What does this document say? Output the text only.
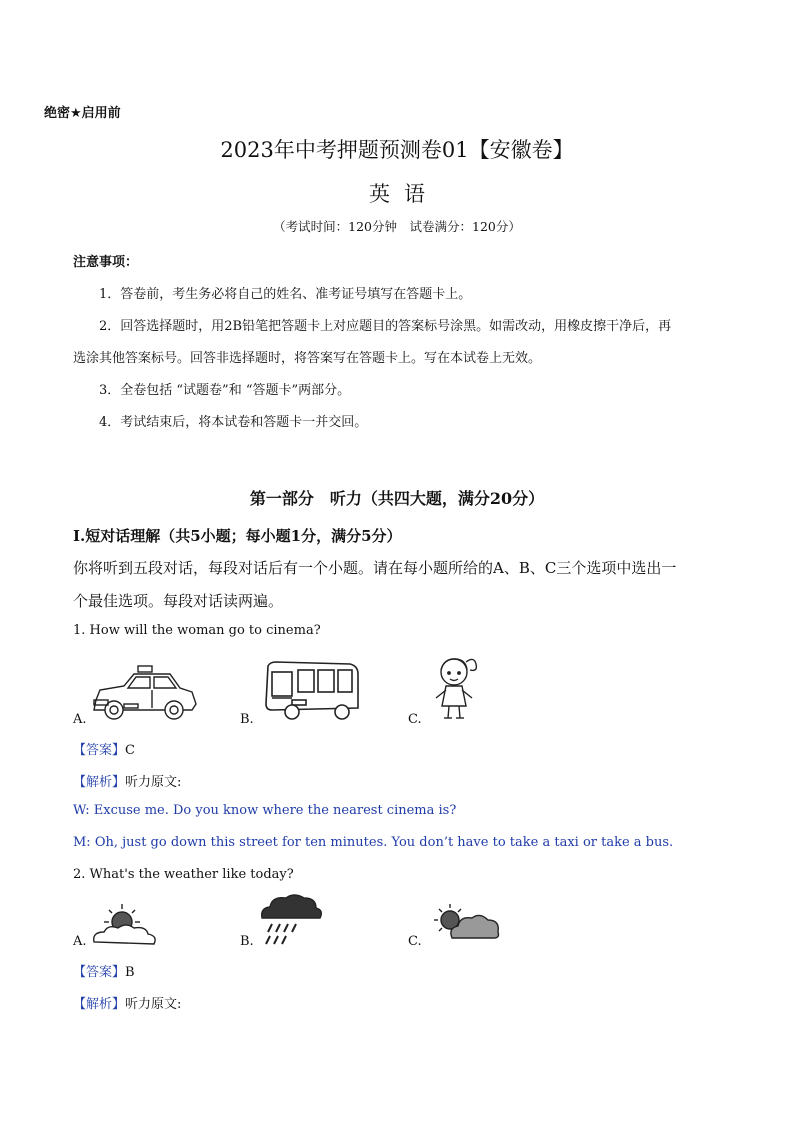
绝密★启用前
2023年中考押题预测卷01【安徽卷】
英语
（考试时间：120分钟　试卷满分：120分）
注意事项：
1．答卷前，考生务必将自己的姓名、准考证号填写在答题卡上。
2．回答选择题时，用2B铅笔把答题卡上对应题目的答案标号涂黑。如需改动，用橡皮擦干净后，再
选涂其他答案标号。回答非选择题时，将答案写在答题卡上。写在本试卷上无效。
3．全卷包括 “试题卷”和 “答题卡”两部分。
4．考试结束后，将本试卷和答题卡一并交回。
第一部分　听力（共四大题，满分20分）
Ⅰ.短对话理解（共5小题；每小题1分，满分5分）
你将听到五段对话，每段对话后有一个小题。请在每小题所给的A、B、C三个选项中选出一
个最佳选项。每段对话读两遍。
1. How will the woman go to cinema?
A.	B.	C.
【答案】C
【解析】听力原文:
W: Excuse me. Do you know where the nearest cinema is?
M: Oh, just go down this street for ten minutes. You don’t have to take a taxi or take a bus.
2. What's the weather like today?
A.	B.	C.
【答案】B
【解析】听力原文:
